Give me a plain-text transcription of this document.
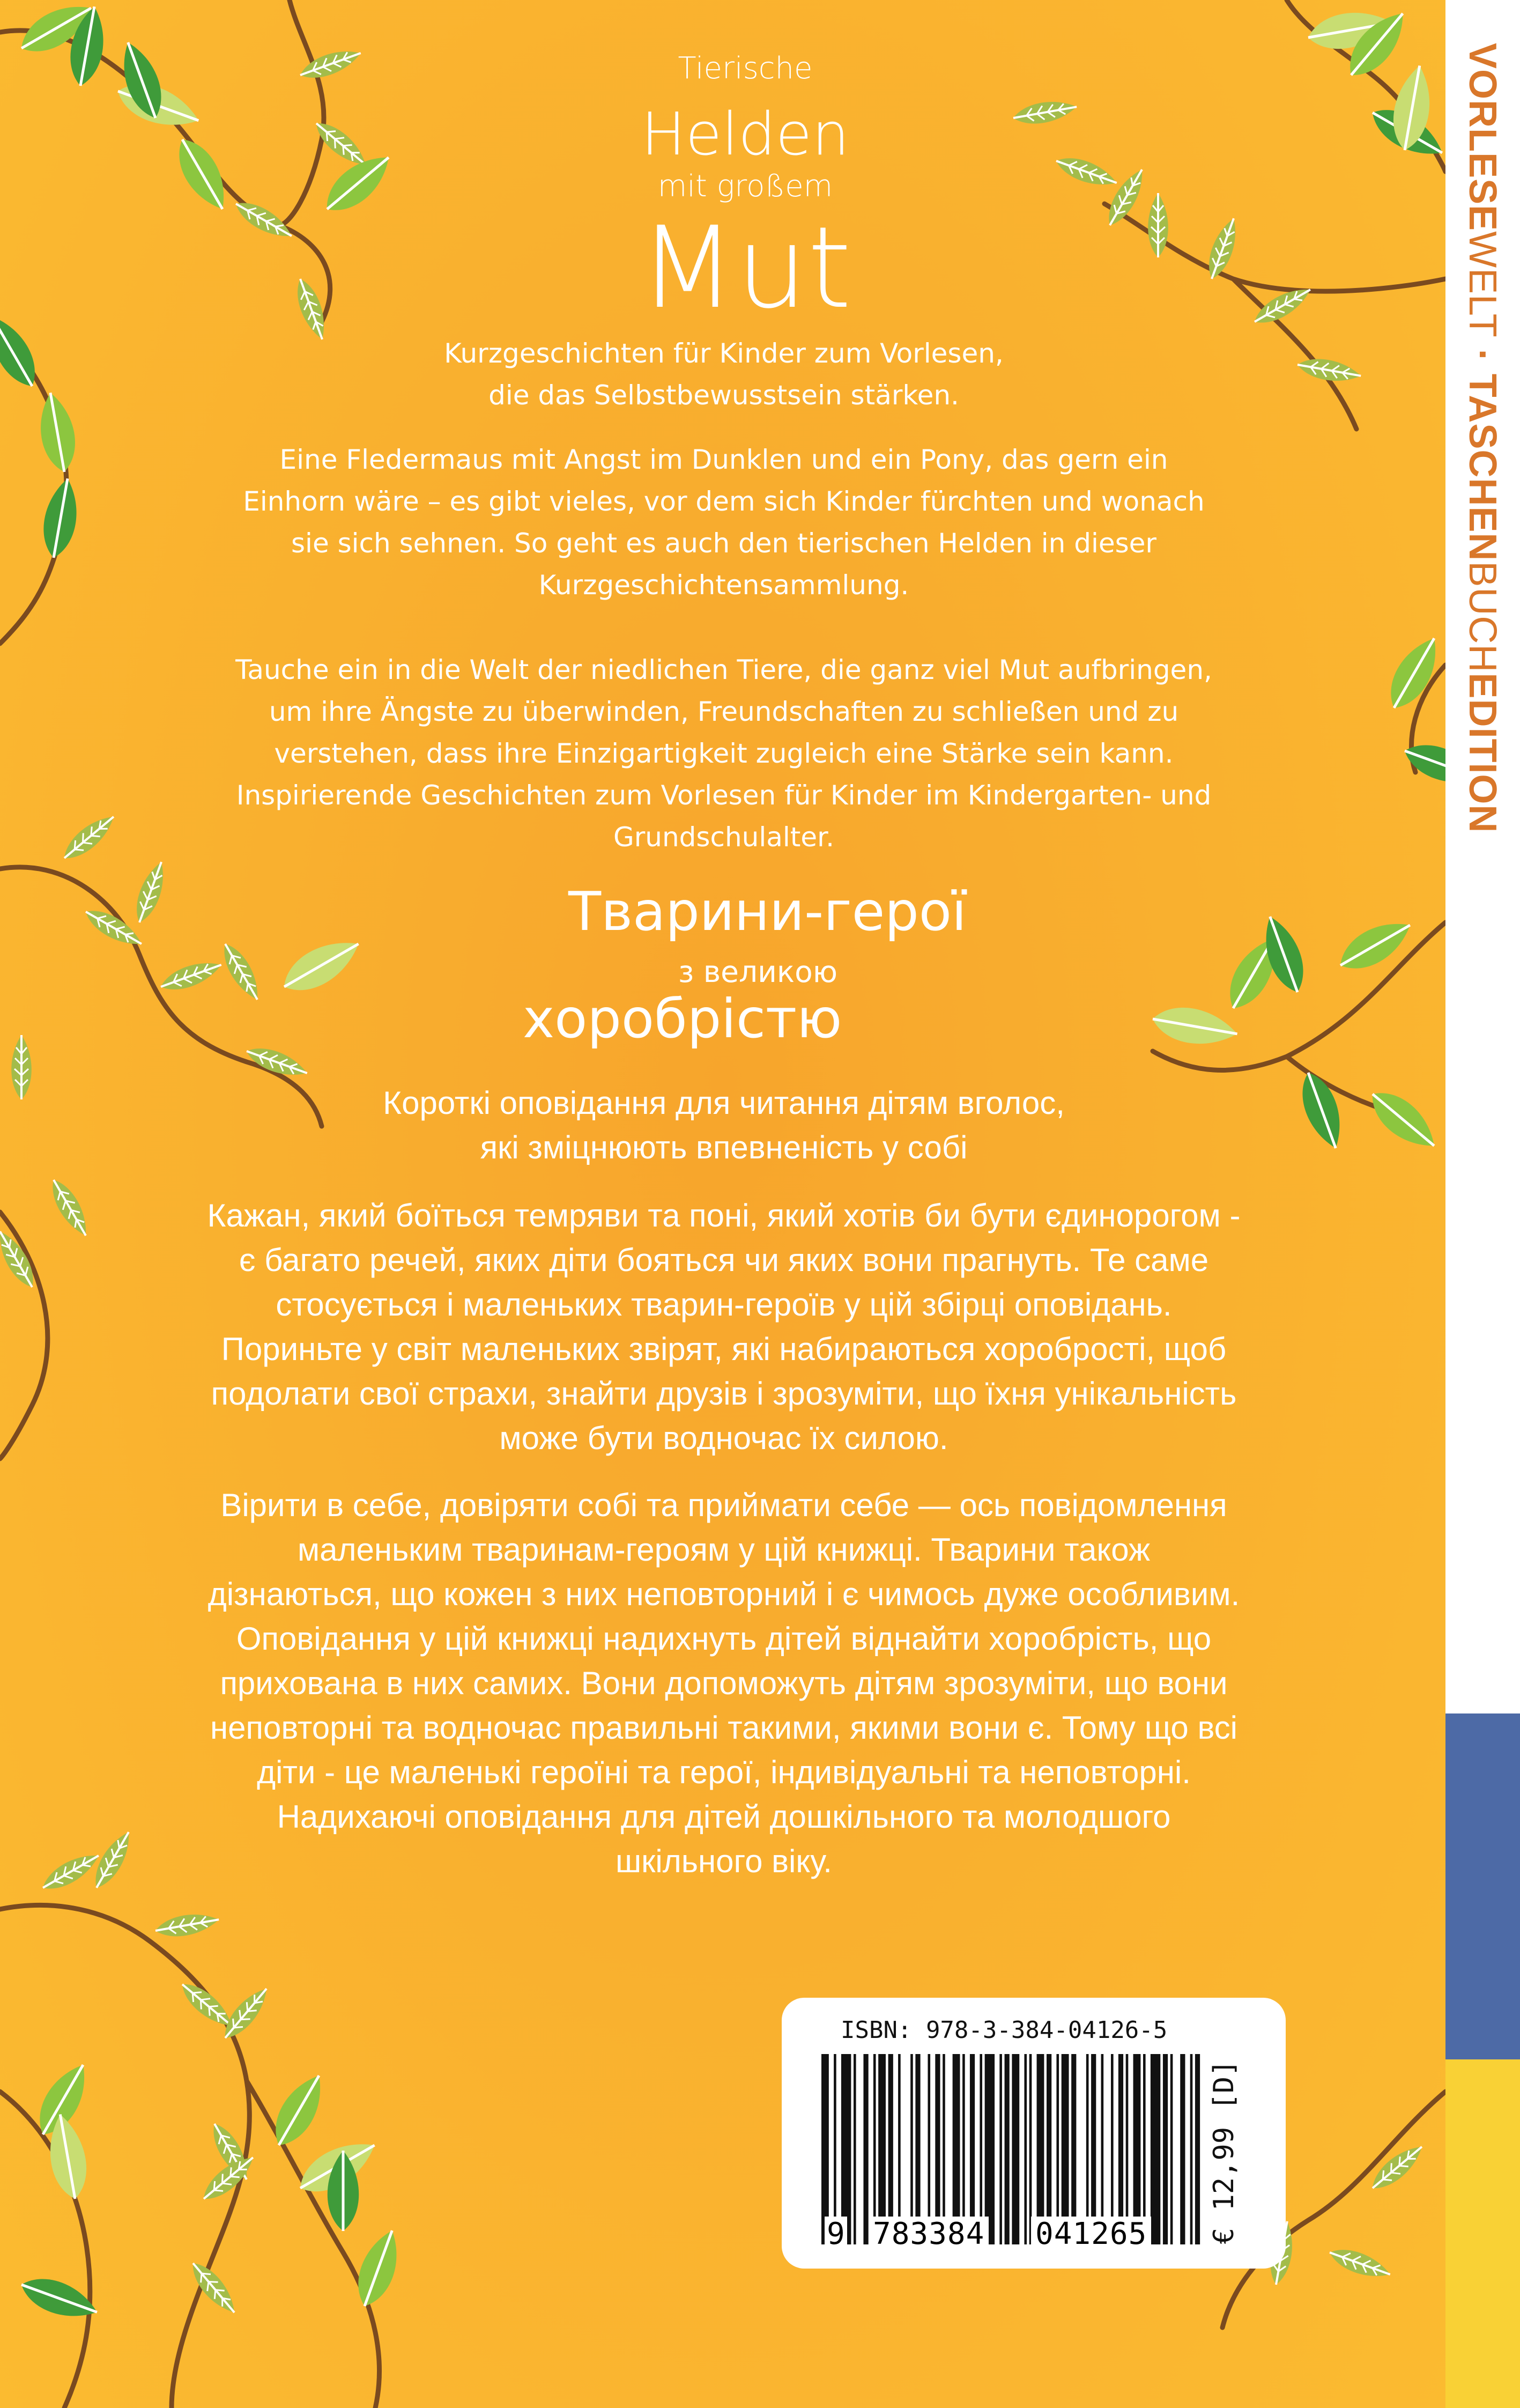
Tierische
Helden
mit großem
Mut

Kurzgeschichten für Kinder zum Vorlesen,
die das Selbstbewusstsein stärken.

Eine Fledermaus mit Angst im Dunklen und ein Pony, das gern ein
Einhorn wäre – es gibt vieles, vor dem sich Kinder fürchten und wonach
sie sich sehnen. So geht es auch den tierischen Helden in dieser
Kurzgeschichtensammlung.

Tauche ein in die Welt der niedlichen Tiere, die ganz viel Mut aufbringen,
um ihre Ängste zu überwinden, Freundschaften zu schließen und zu
verstehen, dass ihre Einzigartigkeit zugleich eine Stärke sein kann.
Inspirierende Geschichten zum Vorlesen für Kinder im Kindergarten- und
Grundschulalter.

Тварини-герої
з великою
хоробрістю

Короткі оповідання для читання дітям вголос,
які зміцнюють впевненість у собі

Кажан, який боїться темряви та поні, який хотів би бути єдинорогом -
є багато речей, яких діти бояться чи яких вони прагнуть. Те саме
стосується і маленьких тварин-героїв у цій збірці оповідань.
Пориньте у світ маленьких звірят, які набираються хоробрості, щоб
подолати свої страхи, знайти друзів і зрозуміти, що їхня унікальність
може бути водночас їх силою.

Вірити в себе, довіряти собі та приймати себе — ось повідомлення
маленьким тваринам-героям у цій книжці. Тварини також
дізнаються, що кожен з них неповторний і є чимось дуже особливим.
Оповідання у цій книжці надихнуть дітей віднайти хоробрість, що
прихована в них самих. Вони допоможуть дітям зрозуміти, що вони
неповторні та водночас правильні такими, якими вони є. Тому що всі
діти - це маленькі героїні та герої, індивідуальні та неповторні.
Надихаючі оповідання для дітей дошкільного та молодшого
шкільного віку.

ISBN: 978-3-384-04126-5
9 783384 041265 € 12,99 [D]
VORLESEWELT · TASCHENBUCHEDITION
